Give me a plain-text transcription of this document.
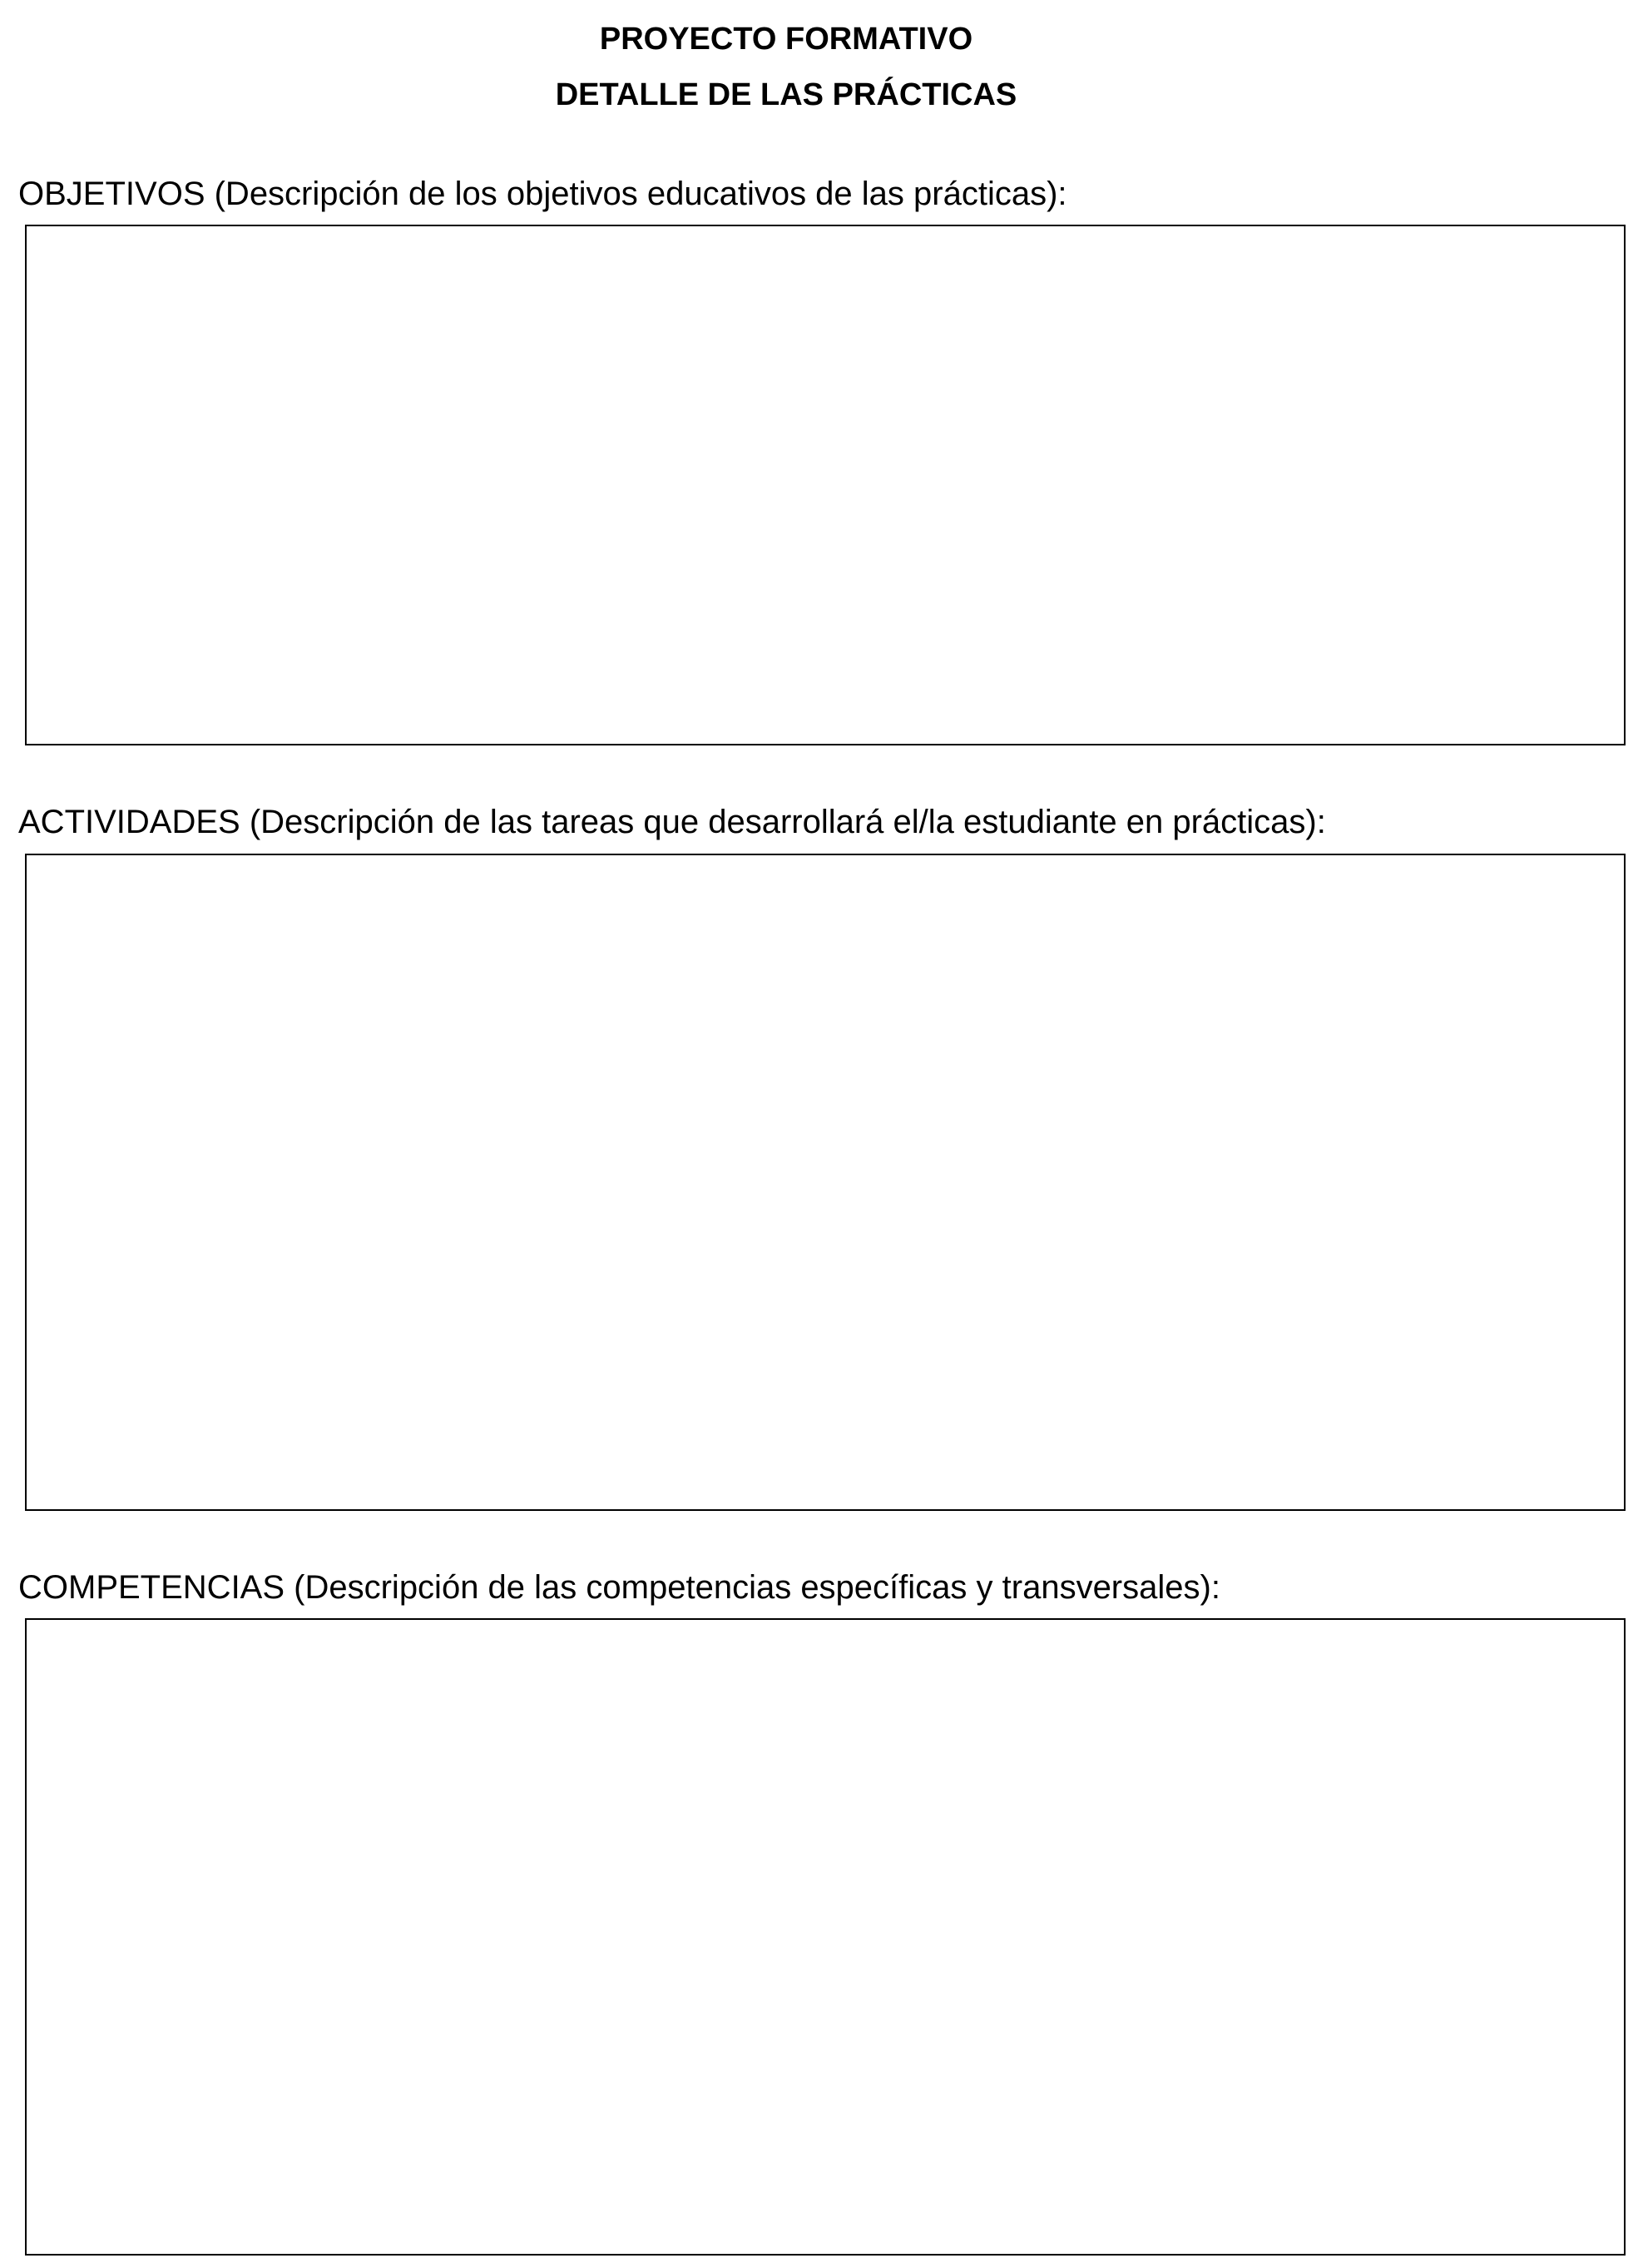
PROYECTO FORMATIVO
DETALLE DE LAS PRÁCTICAS
OBJETIVOS (Descripción de los objetivos educativos de las prácticas):
ACTIVIDADES (Descripción de las tareas que desarrollará el/la estudiante en prácticas):
COMPETENCIAS (Descripción de las competencias específicas y transversales):
